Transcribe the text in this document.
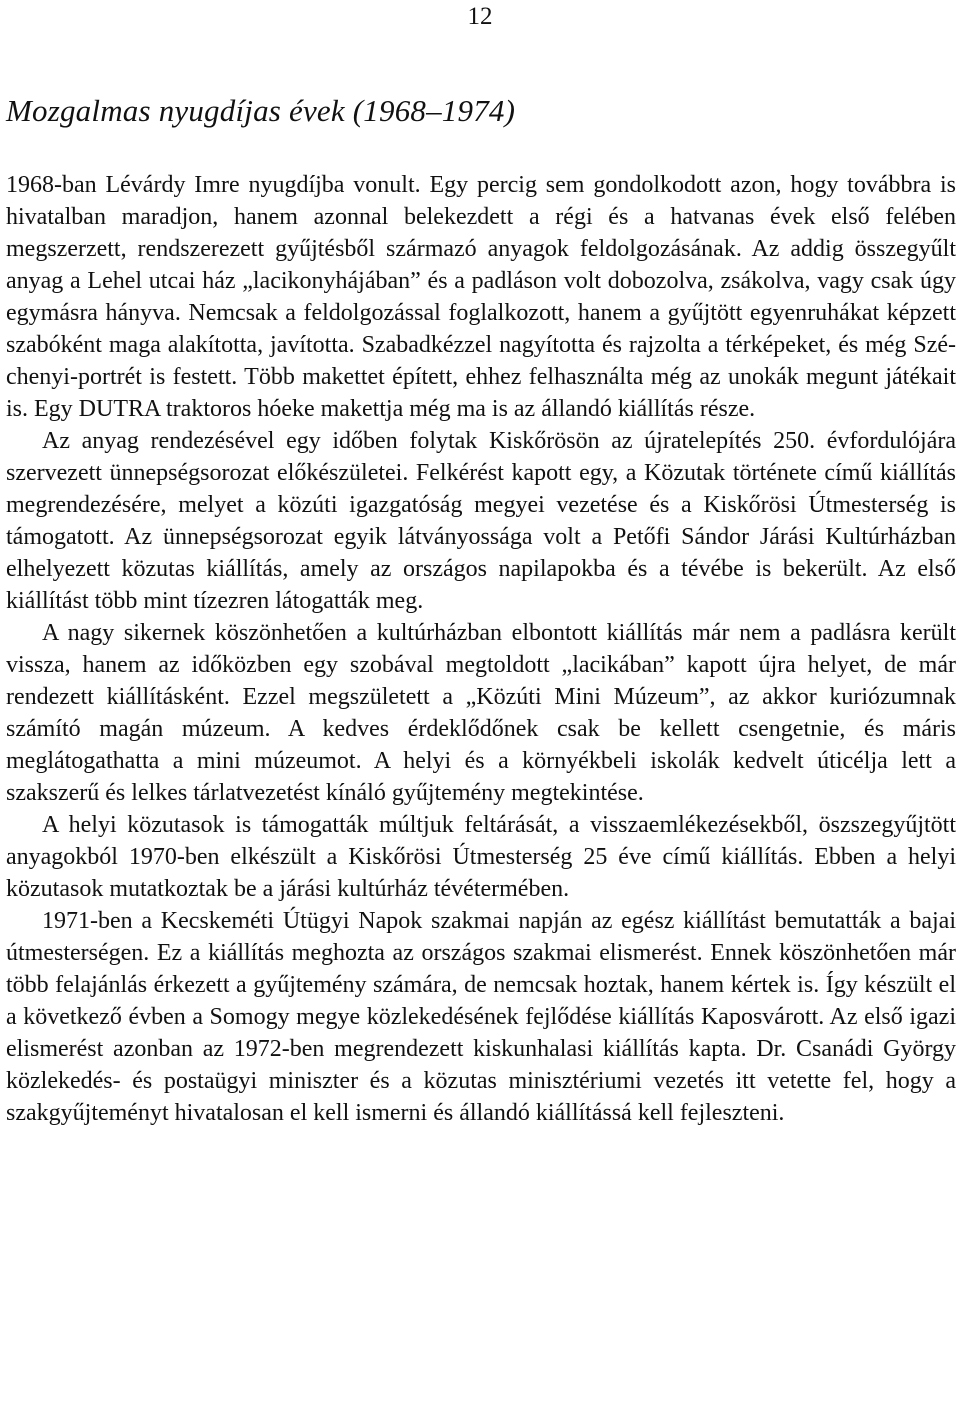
12
Mozgalmas nyugdíjas évek (1968–1974)

1968-ban Lévárdy Imre nyugdíjba vonult. Egy percig sem gondolkodott azon, hogy továbbra is hivatalban maradjon, hanem azonnal belekezdett a régi és a hatvanas évek első felében megszerzett, rendszerezett gyűjtésből származó anyagok feldolgozásának. Az addig összegyűlt anyag a Lehel utcai ház „lacikonyhájában” és a padláson volt dobozolva, zsákolva, vagy csak úgy egymásra hányva. Nemcsak a feldolgozással foglalkozott, hanem a gyűjtött egyenruhákat képzett szabóként maga alakította, javította. Szabadkézzel nagyította és rajzolta a térképeket, és még Széchenyi-portrét is festett. Több makettet épített, ehhez felhasználta még az unokák megunt játékait is. Egy DUTRA traktoros hóeke makettja még ma is az állandó kiállítás része.

Az anyag rendezésével egy időben folytak Kiskőrösön az újratelepítés 250. évfordulójára szervezett ünnepségsorozat előkészületei. Felkérést kapott egy, a Közutak története című kiállítás megrendezésére, melyet a közúti igazgatóság megyei vezetése és a Kiskőrösi Útmesterség is támogatott. Az ünnepségsorozat egyik látványossága volt a Petőfi Sándor Járási Kultúrházban elhelyezett közutas kiállítás, amely az országos napilapokba és a tévébe is bekerült. Az első kiállítást több mint tízezren látogatták meg.

A nagy sikernek köszönhetően a kultúrházban elbontott kiállítás már nem a padlásra került vissza, hanem az időközben egy szobával megtoldott „lacikában” kapott újra helyet, de már rendezett kiállításként. Ezzel megszületett a „Közúti Mini Múzeum”, az akkor kuriózumnak számító magán múzeum. A kedves érdeklődőnek csak be kellett csengetnie, és máris meglátogathatta a mini múzeumot. A helyi és a környékbeli iskolák kedvelt úticélja lett a szakszerű és lelkes tárlatvezetést kínáló gyűjtemény megtekintése.

A helyi közutasok is támogatták múltjuk feltárását, a visszaemlékezésekből, öszszegyűjtött anyagokból 1970-ben elkészült a Kiskőrösi Útmesterség 25 éve című kiállítás. Ebben a helyi közutasok mutatkoztak be a járási kultúrház tévétermében.

1971-ben a Kecskeméti Útügyi Napok szakmai napján az egész kiállítást bemutatták a bajai útmesterségen. Ez a kiállítás meghozta az országos szakmai elismerést. Ennek köszönhetően már több felajánlás érkezett a gyűjtemény számára, de nemcsak hoztak, hanem kértek is. Így készült el a következő évben a Somogy megye közlekedésének fejlődése kiállítás Kaposvárott. Az első igazi elismerést azonban az 1972-ben megrendezett kiskunhalasi kiállítás kapta. Dr. Csanádi György közlekedés- és postaügyi miniszter és a közutas minisztériumi vezetés itt vetette fel, hogy a szakgyűjteményt hivatalosan el kell ismerni és állandó kiállítássá kell fejleszteni.
